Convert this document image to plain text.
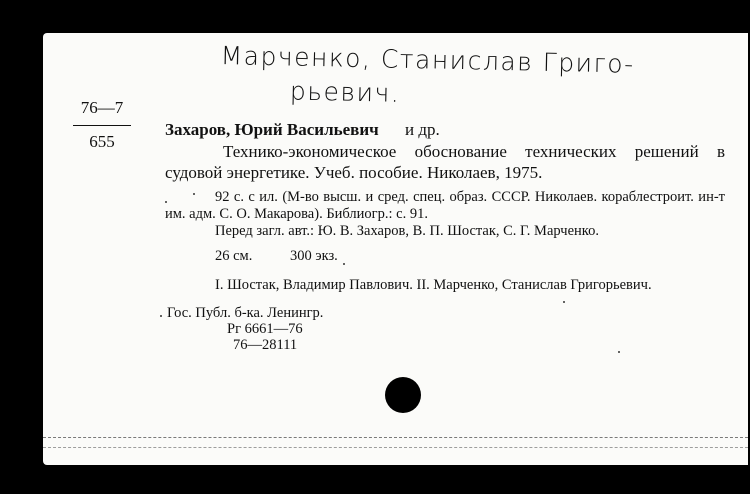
Марченко, Станислав Григо-
рьевич.
76—7
655
Захаров, Юрий Васильевич и др.
Технико-экономическое обоснование технических решений в судовой энергетике. Учеб. пособие. Николаев, 1975.
92 с. с ил. (М-во высш. и сред. спец. образ. СССР. Николаев. кораблестроит. ин-т им. адм. С. О. Макарова). Библиогр.: с. 91.
Перед загл. авт.: Ю. В. Захаров, В. П. Шостак, С. Г. Марченко.
26 см.	300 экз.
I. Шостак, Владимир Павлович. II. Марченко, Станислав Григорьевич.
Гос. Публ. б-ка. Ленингр.
Рг 6661—76
76—28111
